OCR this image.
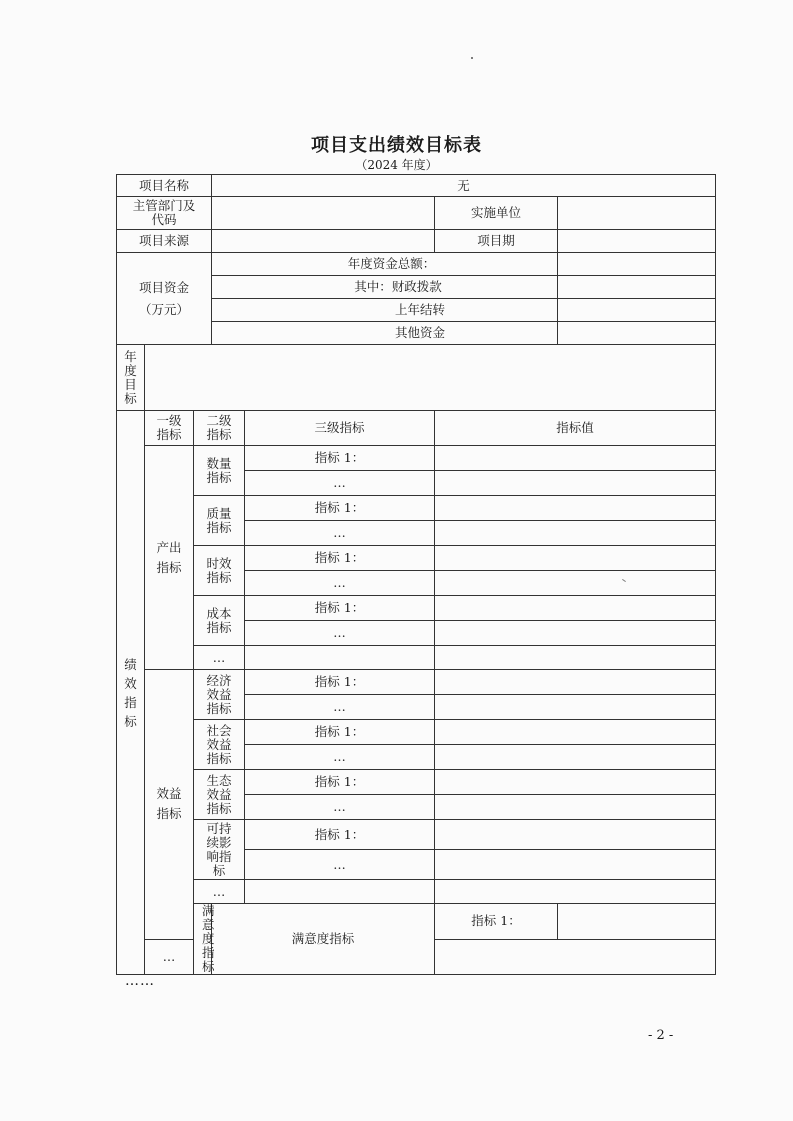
项目支出绩效目标表
（2024 年度）
项目名称			无			
主管部门及代码					实施单位	
项目来源					项目期	
项目资金（万元）			年度资金总额：			
			其中：财政拨款			
			上年结转			
			其他资金			
年度目标						
绩效指标	一级指标	二级指标		三级指标	指标值	
	产出指标	数量指标		指标 1：		
				…		
		质量指标		指标 1：		
				…		
		时效指标		指标 1：		
				…		
		成本指标		指标 1：		
				…		
		…				
	效益指标	经济效益指标		指标 1：		
				…		
		社会效益指标		指标 1：		
				…		
		生态效益指标		指标 1：		
				…		
		可持续影响指标		指标 1：		
				…		
		…				
		满意度指标	满意度指标		指标 1：	
	…					
……
- 2 -
